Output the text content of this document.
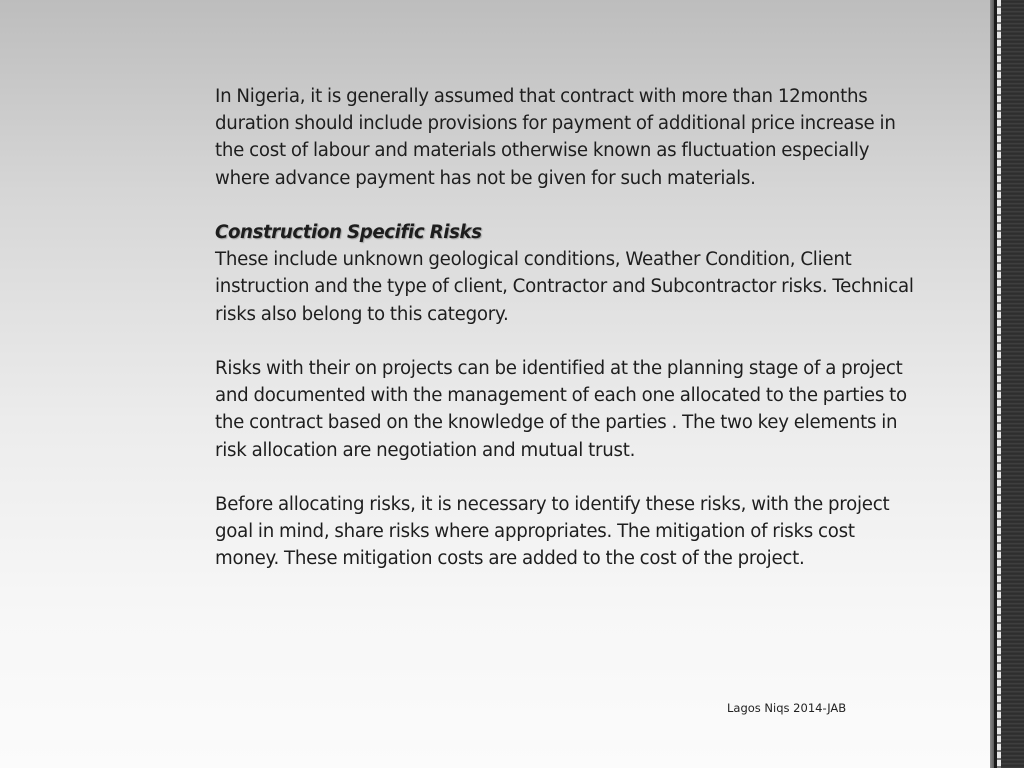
In Nigeria, it is generally assumed that contract with more than 12months duration should include provisions for payment of additional price increase in the cost of labour and materials otherwise known as fluctuation especially where advance payment has not be given for such materials.

Construction Specific Risks

These include unknown geological conditions, Weather Condition, Client instruction and the type of client, Contractor and Subcontractor risks. Technical risks also belong to this category.

Risks with their on projects can be identified at the planning stage of a project and documented with the management of each one allocated to the parties to the contract based on the knowledge of the parties . The two key elements in risk allocation are negotiation and mutual trust.

Before allocating risks, it is necessary to identify these risks, with the project goal in mind, share risks where appropriates. The mitigation of risks cost money. These mitigation costs are added to the cost of the project.

Lagos Niqs 2014-JAB
